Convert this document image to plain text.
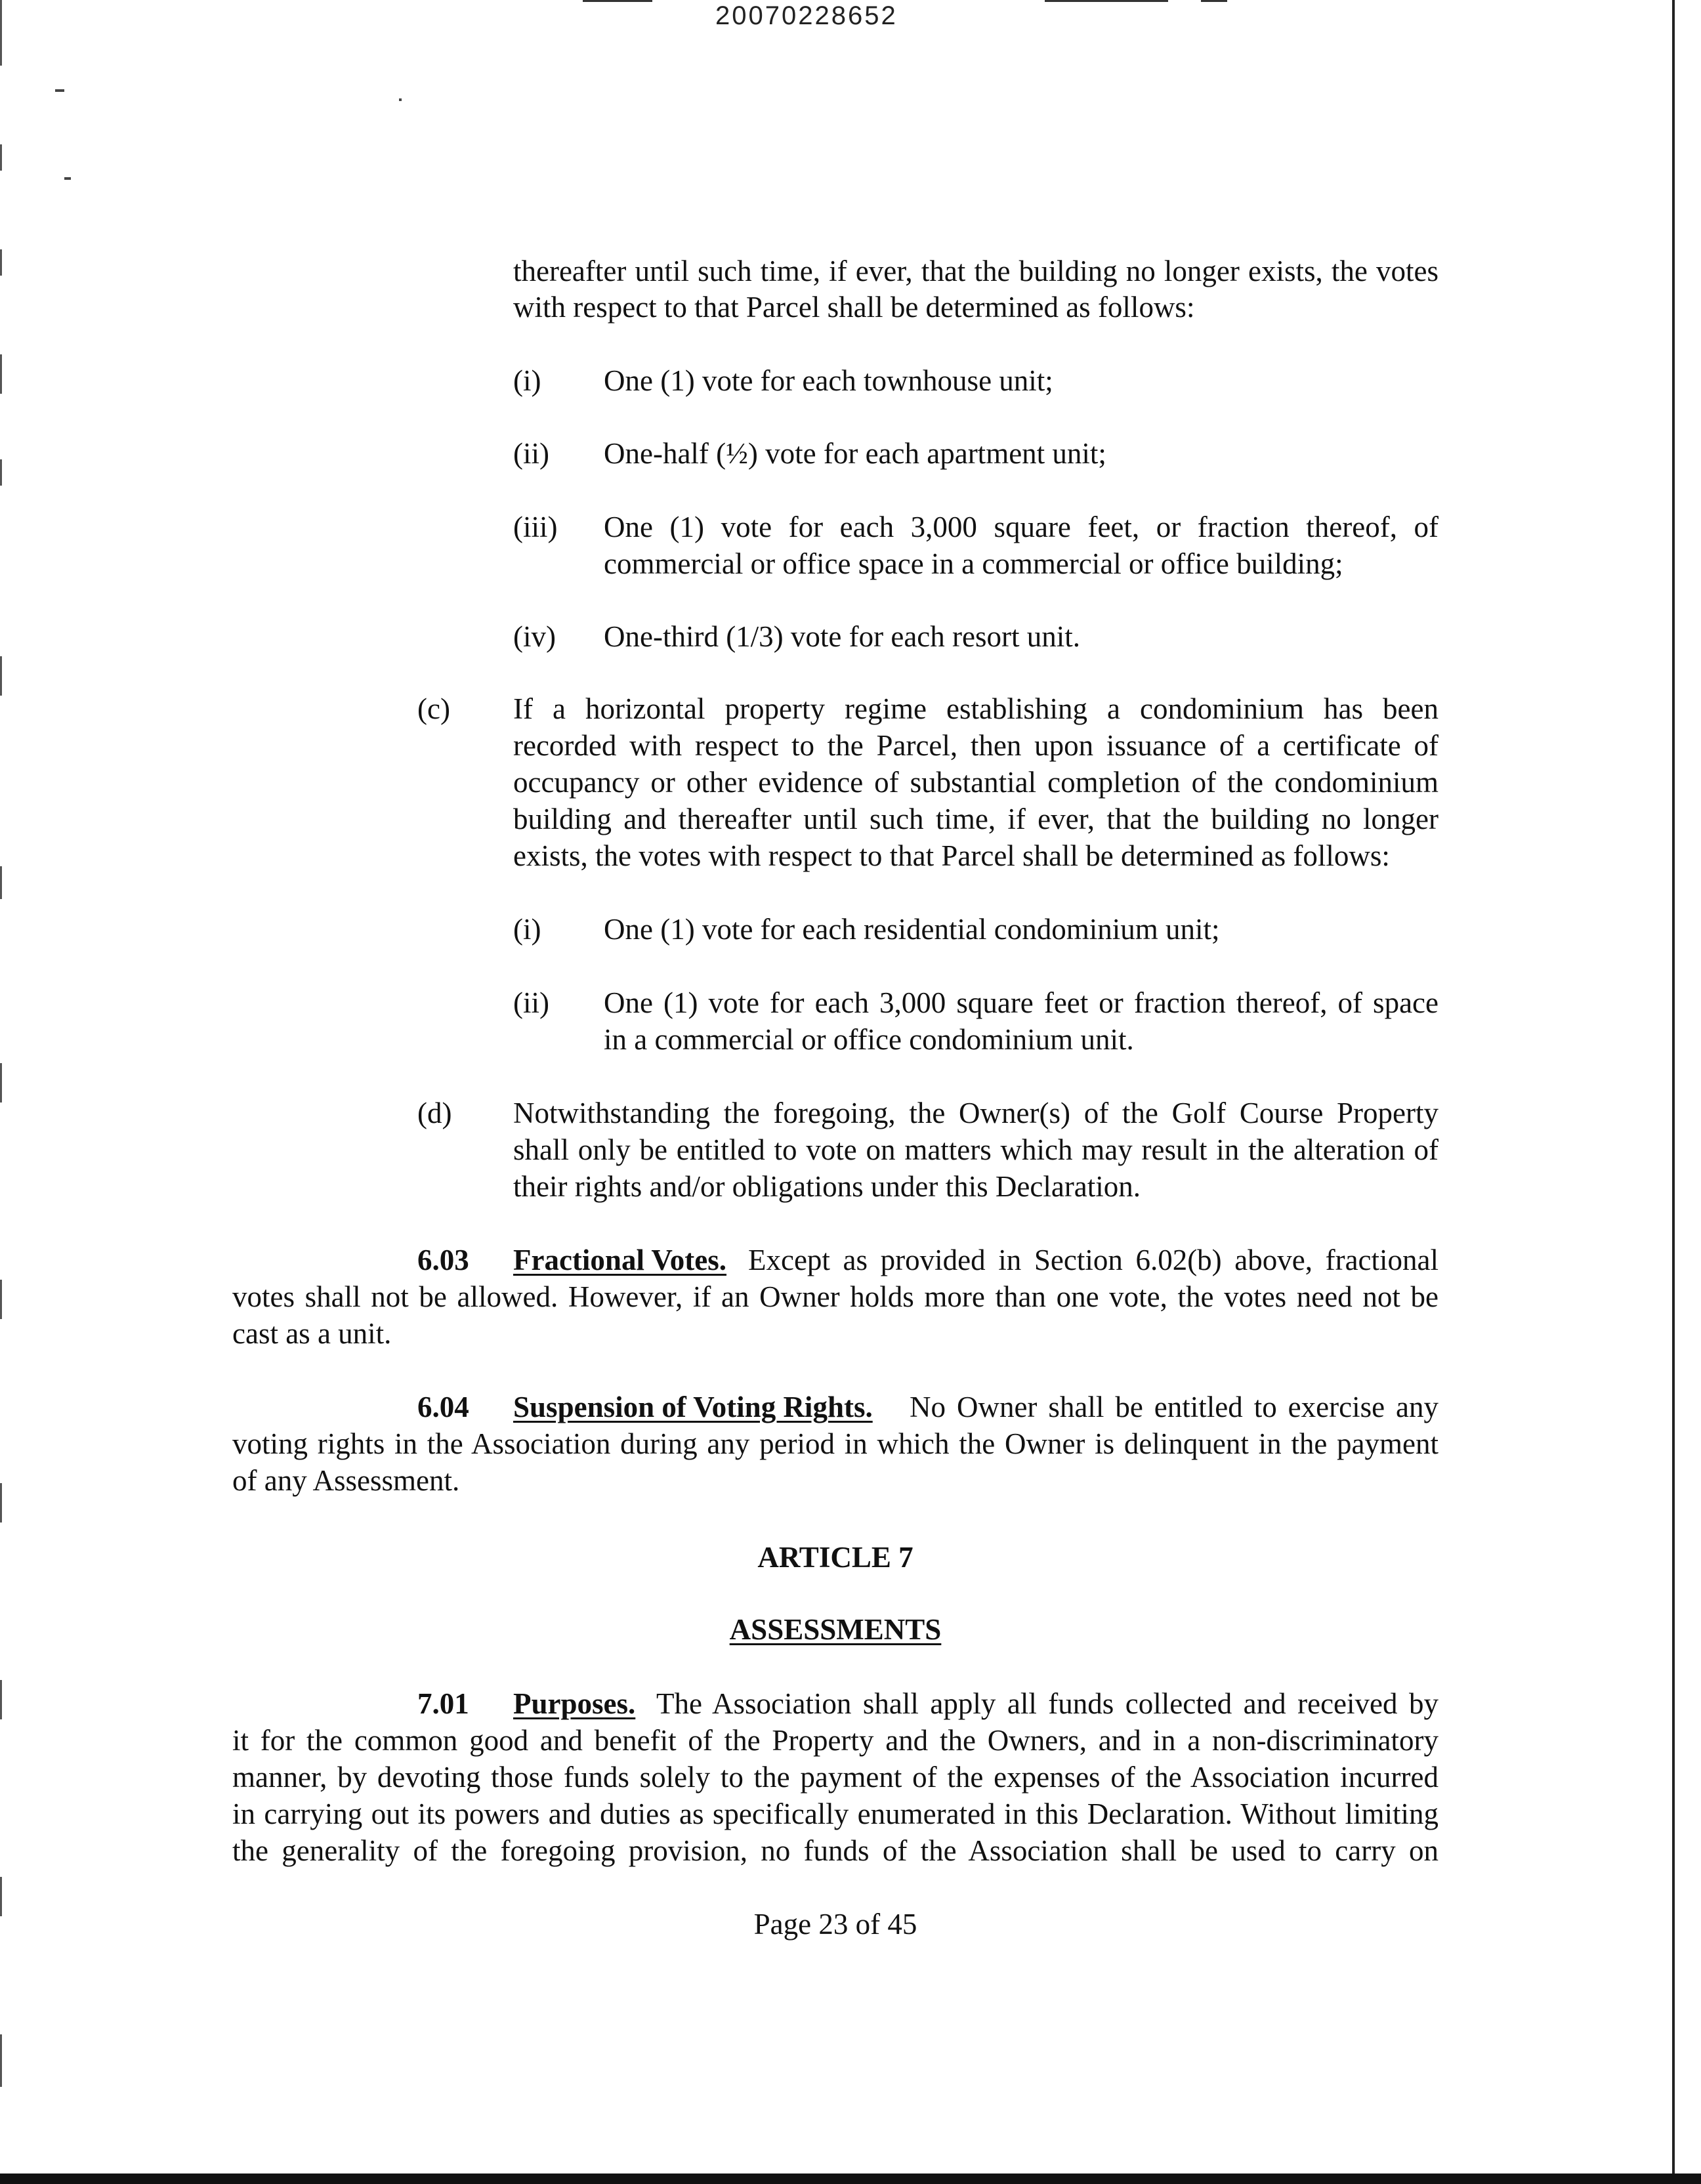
20070228652
thereafter until such time, if ever, that the building no longer exists, the votes
with respect to that Parcel shall be determined as follows:
(i) One (1) vote for each townhouse unit;
(ii) One-half (½) vote for each apartment unit;
(iii) One (1) vote for each 3,000 square feet, or fraction thereof, of
commercial or office space in a commercial or office building;
(iv) One-third (1/3) vote for each resort unit.
(c) If a horizontal property regime establishing a condominium has been
recorded with respect to the Parcel, then upon issuance of a certificate of
occupancy or other evidence of substantial completion of the condominium
building and thereafter until such time, if ever, that the building no longer
exists, the votes with respect to that Parcel shall be determined as follows:
(i) One (1) vote for each residential condominium unit;
(ii) One (1) vote for each 3,000 square feet or fraction thereof, of space
in a commercial or office condominium unit.
(d) Notwithstanding the foregoing, the Owner(s) of the Golf Course Property
shall only be entitled to vote on matters which may result in the alteration of
their rights and/or obligations under this Declaration.
6.03 Fractional Votes. Except as provided in Section 6.02(b) above, fractional
votes shall not be allowed. However, if an Owner holds more than one vote, the votes need not be
cast as a unit.
6.04 Suspension of Voting Rights. No Owner shall be entitled to exercise any
voting rights in the Association during any period in which the Owner is delinquent in the payment
of any Assessment.
ARTICLE 7
ASSESSMENTS
7.01 Purposes. The Association shall apply all funds collected and received by
it for the common good and benefit of the Property and the Owners, and in a non-discriminatory
manner, by devoting those funds solely to the payment of the expenses of the Association incurred
in carrying out its powers and duties as specifically enumerated in this Declaration. Without limiting
the generality of the foregoing provision, no funds of the Association shall be used to carry on
Page 23 of 45
